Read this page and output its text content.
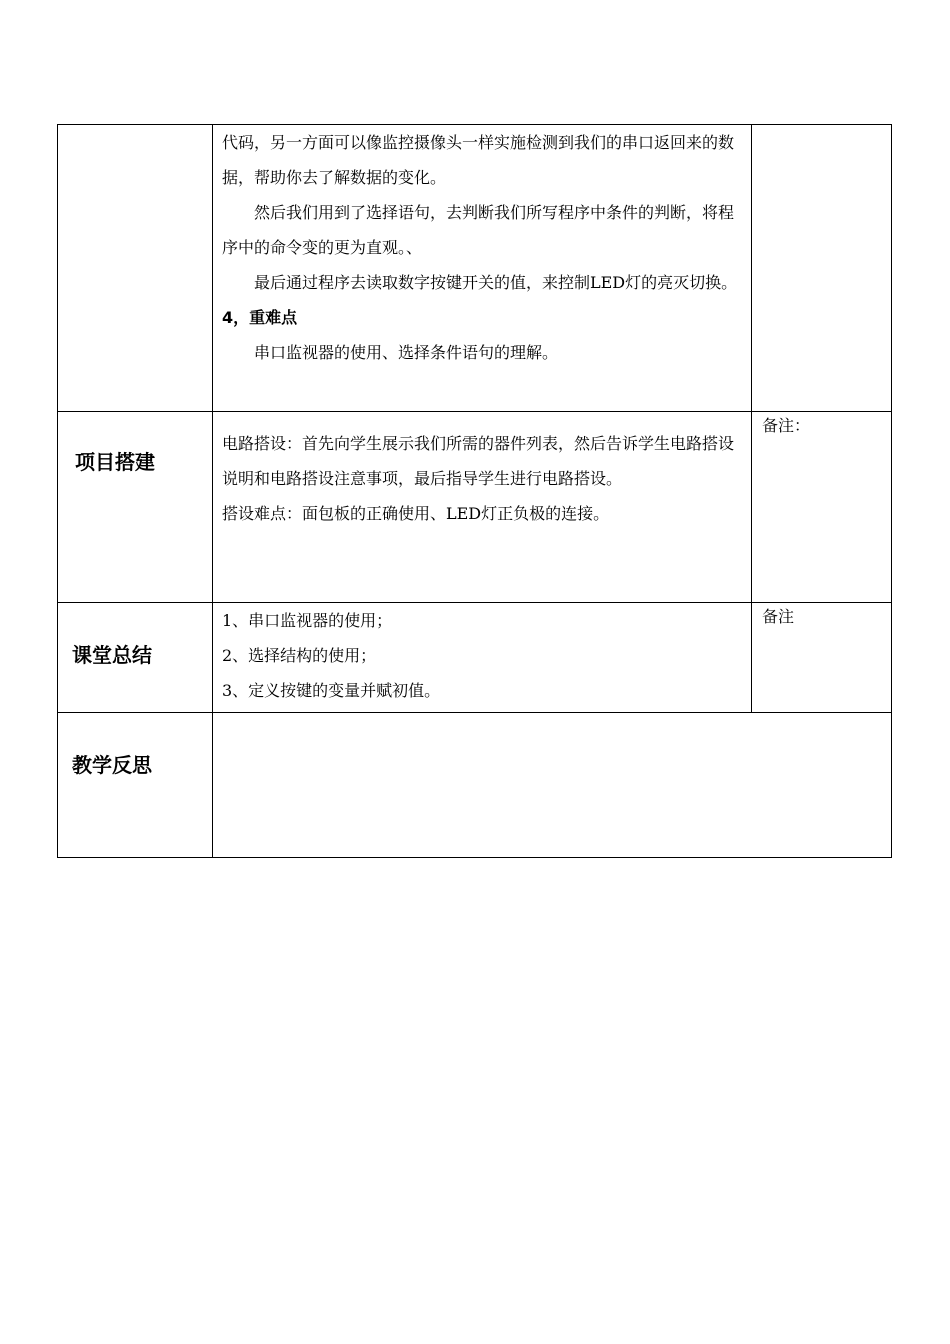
	代码，另一方面可以像监控摄像头一样实施检测到我们的串口返回来的数据，帮助你去了解数据的变化。

然后我们用到了选择语句，去判断我们所写程序中条件的判断，将程序中的命令变的更为直观。、

最后通过程序去读取数字按键开关的值，来控制LED灯的亮灭切换。

4，重难点

串口监视器的使用、选择条件语句的理解。	

项目搭建	电路搭设：首先向学生展示我们所需的器件列表，然后告诉学生电路搭设说明和电路搭设注意事项，最后指导学生进行电路搭设。

搭设难点：面包板的正确使用、LED灯正负极的连接。	备注：

课堂总结	1、串口监视器的使用；

2、选择结构的使用；

3、定义按键的变量并赋初值。	备注

教学反思		
